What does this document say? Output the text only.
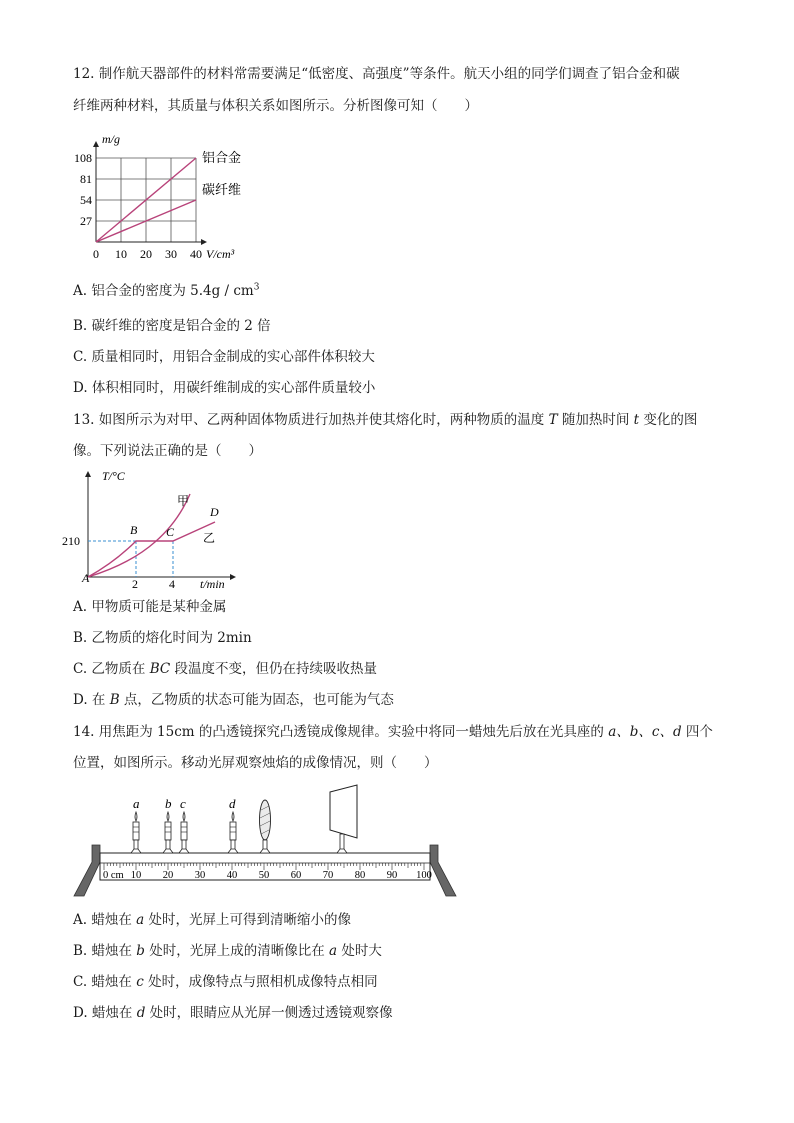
12. 制作航天器部件的材料常需要满足“低密度、高强度”等条件。航天小组的同学们调查了铝合金和碳
纤维两种材料，其质量与体积关系如图所示。分析图像可知（　　）
0 10 20 30 40
27
54
81
108	铝合金
碳纤维
m/g
V/cm³
A. 铝合金的密度为 $5.4g / cm^3$
B. 碳纤维的密度是铝合金的 2 倍
C. 质量相同时，用铝合金制成的实心部件体积较大
D. 体积相同时，用碳纤维制成的实心部件质量较小
13. 如图所示为对甲、乙两种固体物质进行加热并使其熔化时，两种物质的温度 T 随加热时间 t 变化的图
像。下列说法正确的是（　　）
T/°C
t/min
210
2	4
A
B C
D
甲
乙
A. 甲物质可能是某种金属
B. 乙物质的熔化时间为 2min
C. 乙物质在 BC 段温度不变，但仍在持续吸收热量
D. 在 B 点，乙物质的状态可能为固态，也可能为气态
14. 用焦距为 15cm 的凸透镜探究凸透镜成像规律。实验中将同一蜡烛先后放在光具座的 a、b、c、d 四个
位置，如图所示。移动光屏观察烛焰的成像情况，则（　　）
0 cm 10 20 30 40 50 60 70 80 90 100
a b c	d
A. 蜡烛在 a 处时，光屏上可得到清晰缩小的像
B. 蜡烛在 b 处时，光屏上成的清晰像比在 a 处时大
C. 蜡烛在 c 处时，成像特点与照相机成像特点相同
D. 蜡烛在 d 处时，眼睛应从光屏一侧透过透镜观察像
